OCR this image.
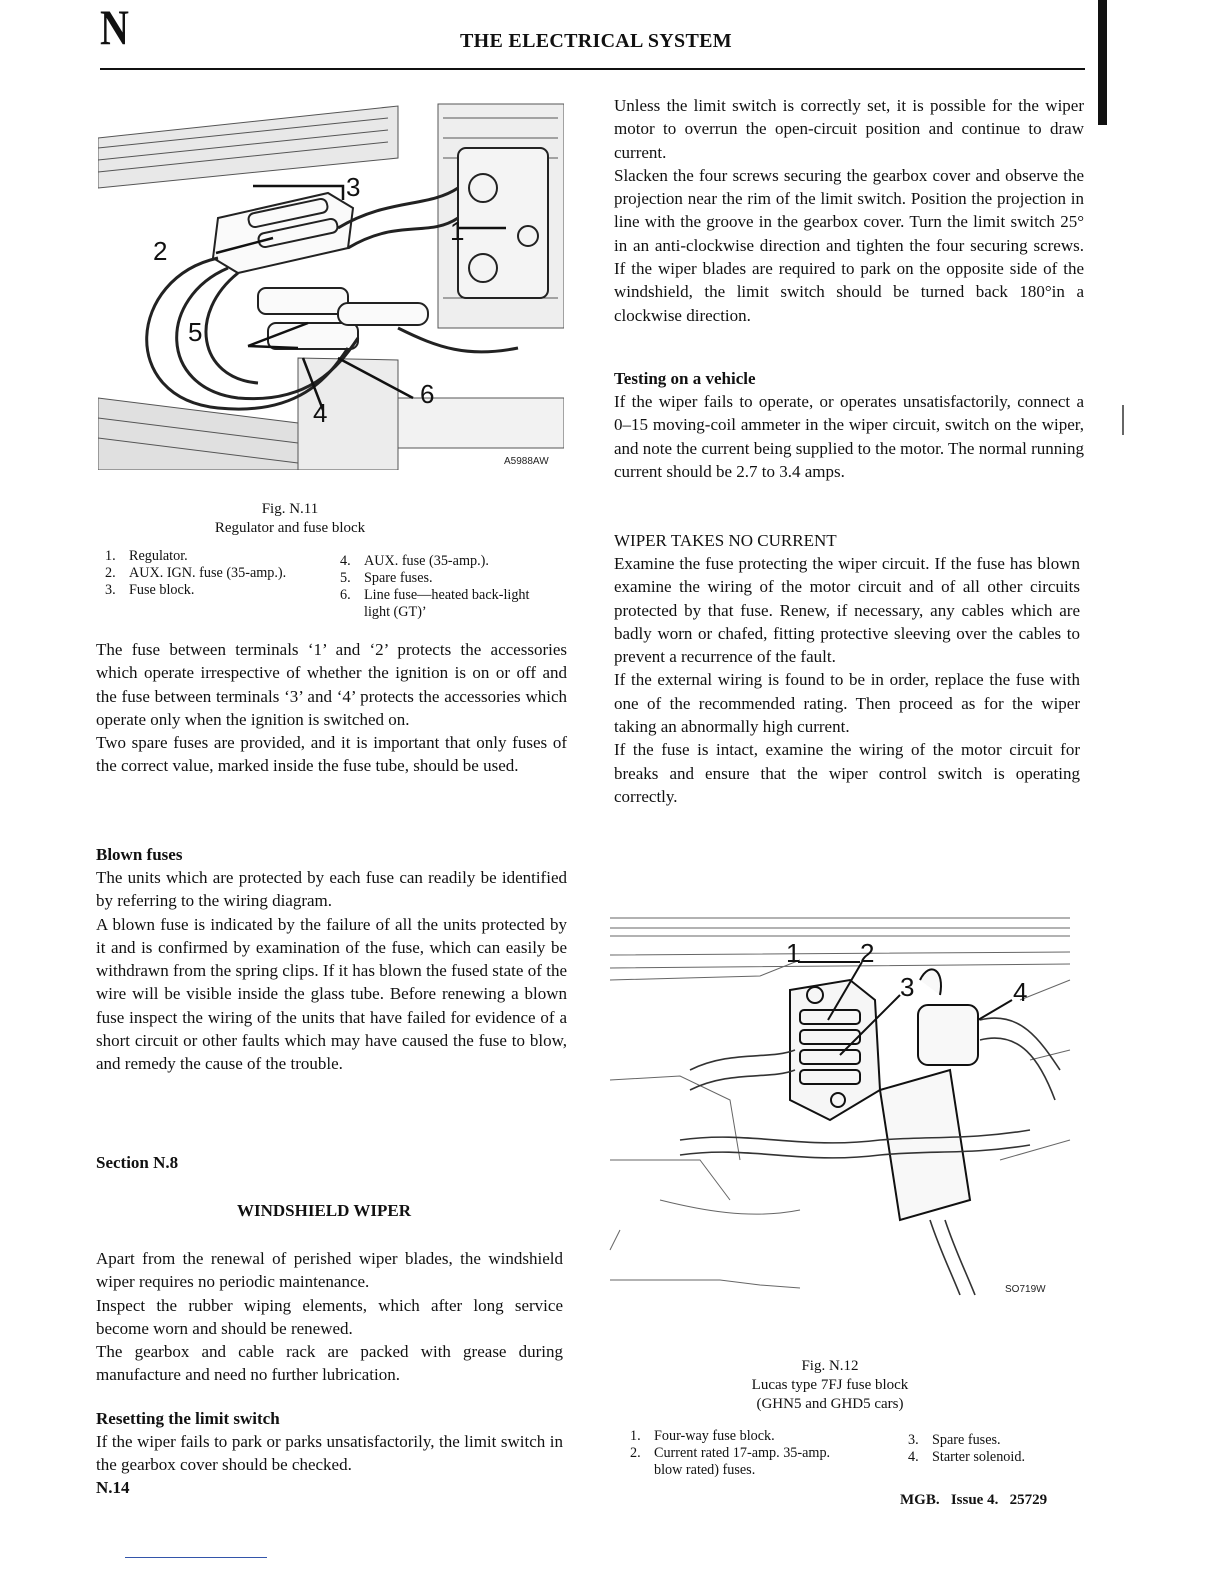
N	THE ELECTRICAL SYSTEM
1
2
3
4
5
6
A5988AW
Fig. N.11
Regulator and fuse block
1. Regulator.
2. AUX. IGN. fuse (35-amp.).
3. Fuse block.
4. AUX. fuse (35-amp.).
5. Spare fuses.
6. Line fuse—heated back-light light (GT)’

The fuse between terminals ‘1’ and ‘2’ protects the accessories which operate irrespective of whether the ignition is on or off and the fuse between terminals ‘3’ and ‘4’ protects the accessories which operate only when the ignition is switched on.

Two spare fuses are provided, and it is important that only fuses of the correct value, marked inside the fuse tube, should be used.

Blown fuses

The units which are protected by each fuse can readily be identified by referring to the wiring diagram.

A blown fuse is indicated by the failure of all the units protected by it and is confirmed by examination of the fuse, which can easily be withdrawn from the spring clips. If it has blown the fused state of the wire will be visible inside the glass tube. Before renewing a blown fuse inspect the wiring of the units that have failed for evidence of a short circuit or other faults which may have caused the fuse to blow, and remedy the cause of the trouble.

Section N.8
WINDSHIELD WIPER

Apart from the renewal of perished wiper blades, the windshield wiper requires no periodic maintenance.

Inspect the rubber wiping elements, which after long service become worn and should be renewed.

The gearbox and cable rack are packed with grease during manufacture and need no further lubrication.

Resetting the limit switch

If the wiper fails to park or parks unsatisfactorily, the limit switch in the gearbox cover should be checked.

N.14

Unless the limit switch is correctly set, it is possible for the wiper motor to overrun the open-circuit position and continue to draw current.

Slacken the four screws securing the gearbox cover and observe the projection near the rim of the limit switch. Position the projection in line with the groove in the gearbox cover. Turn the limit switch 25° in an anti-clockwise direction and tighten the four securing screws. If the wiper blades are required to park on the opposite side of the windshield, the limit switch should be turned back 180°in a clockwise direction.

Testing on a vehicle

If the wiper fails to operate, or operates unsatisfactorily, connect a 0–15 moving-coil ammeter in the wiper circuit, switch on the wiper, and note the current being supplied to the motor. The normal running current should be 2.7 to 3.4 amps.

WIPER TAKES NO CURRENT

Examine the fuse protecting the wiper circuit. If the fuse has blown examine the wiring of the motor circuit and of all other circuits protected by that fuse. Renew, if necessary, any cables which are badly worn or chafed, fitting protective sleeving over the cables to prevent a recurrence of the fault.

If the external wiring is found to be in order, replace the fuse with one of the recommended rating. Then proceed as for the wiper taking an abnormally high current.

If the fuse is intact, examine the wiring of the motor circuit for breaks and ensure that the wiper control switch is operating correctly.

1 2
3	4
SO719W
Fig. N.12
Lucas type 7FJ fuse block
(GHN5 and GHD5 cars)
1. Four-way fuse block.
2. Current rated 17-amp. 35-amp. blow rated) fuses.
3. Spare fuses.
4. Starter solenoid.
MGB.   Issue 4.   25729
